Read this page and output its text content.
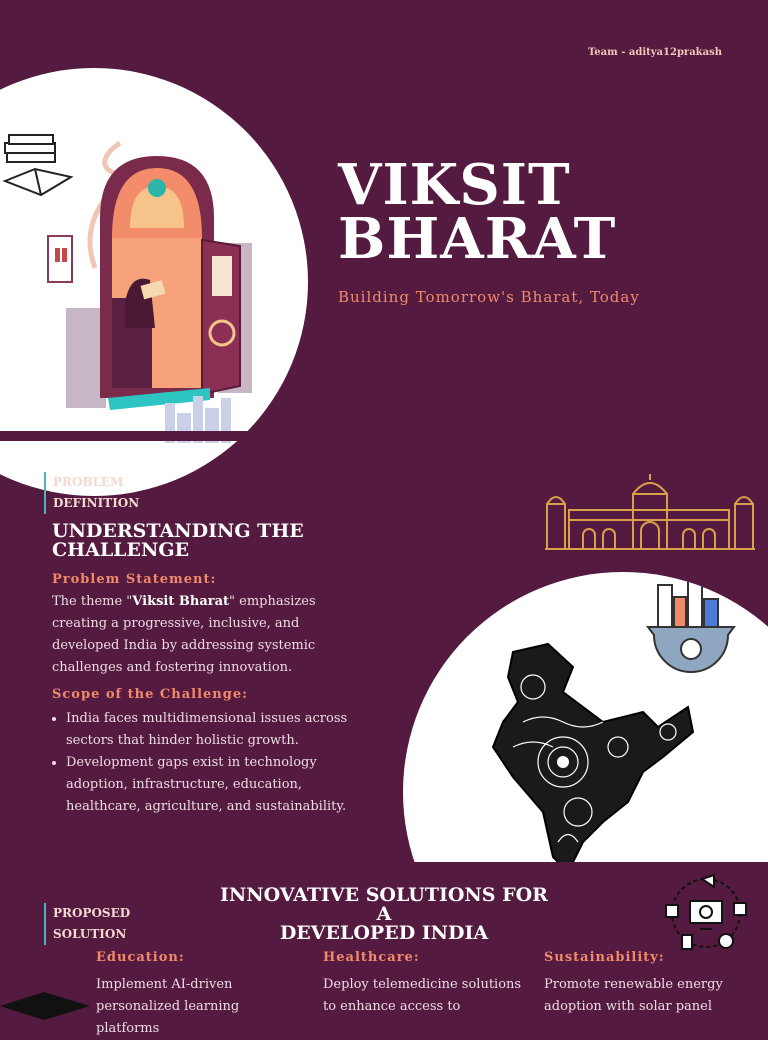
Team - aditya12prakash
VIKSIT
BHARAT
Building Tomorrow's Bharat, Today
PROBLEM
DEFINITION
UNDERSTANDING THE
CHALLENGE
Problem Statement:
The theme "Viksit Bharat" emphasizes creating a progressive, inclusive, and developed India by addressing systemic challenges and fostering innovation.
Scope of the Challenge:
• India faces multidimensional issues across sectors that hinder holistic growth.
• Development gaps exist in technology adoption, infrastructure, education, healthcare, agriculture, and sustainability.
PROPOSED
SOLUTION
INNOVATIVE SOLUTIONS FOR A
DEVELOPED INDIA
Education:
Implement AI-driven personalized learning platforms
Healthcare:
Deploy telemedicine solutions to enhance access to
Sustainability:
Promote renewable energy adoption with solar panel
